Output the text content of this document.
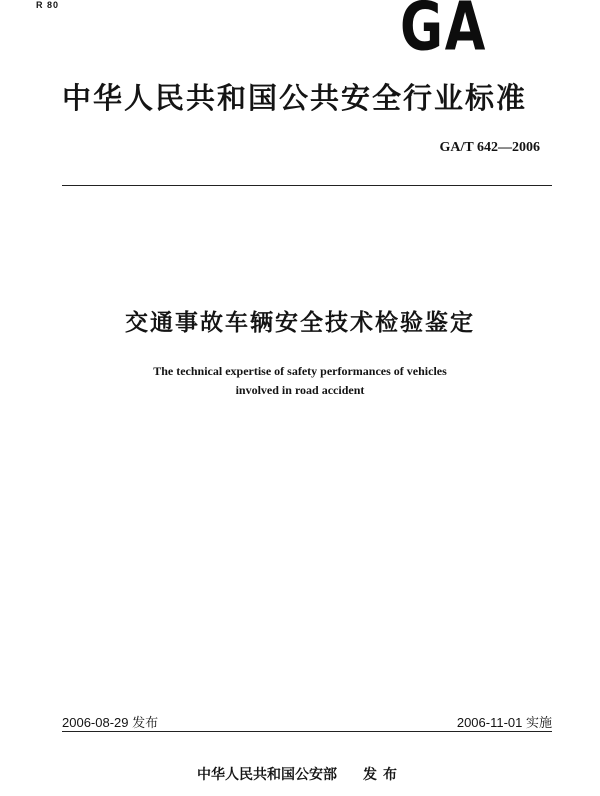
R 80	GA
中华人民共和国公共安全行业标准
GA/T 642—2006
交通事故车辆安全技术检验鉴定
The technical expertise of safety performances of vehicles
involved in road accident
2006-08-29 发布	2006-11-01 实施
中华人民共和国公安部 发布
